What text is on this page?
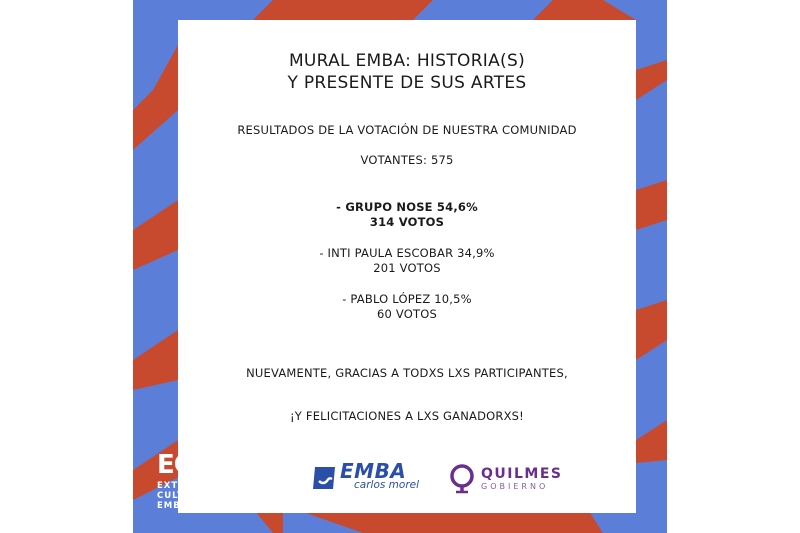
MURAL EMBA: HISTORIA(S)
Y PRESENTE DE SUS ARTES
RESULTADOS DE LA VOTACIÓN DE NUESTRA COMUNIDAD
VOTANTES: 575
- GRUPO NOSE 54,6%
314 VOTOS
- INTI PAULA ESCOBAR 34,9%
201 VOTOS
- PABLO LÓPEZ 10,5%
60 VOTOS
NUEVAMENTE, GRACIAS A TODXS LXS PARTICIPANTES,
¡Y FELICITACIONES A LXS GANADORXS!
ECE
EXTENSIÓN
CULTURAL
EMBA
EMBA
carlos morel
QUILMES
GOBIERNO
